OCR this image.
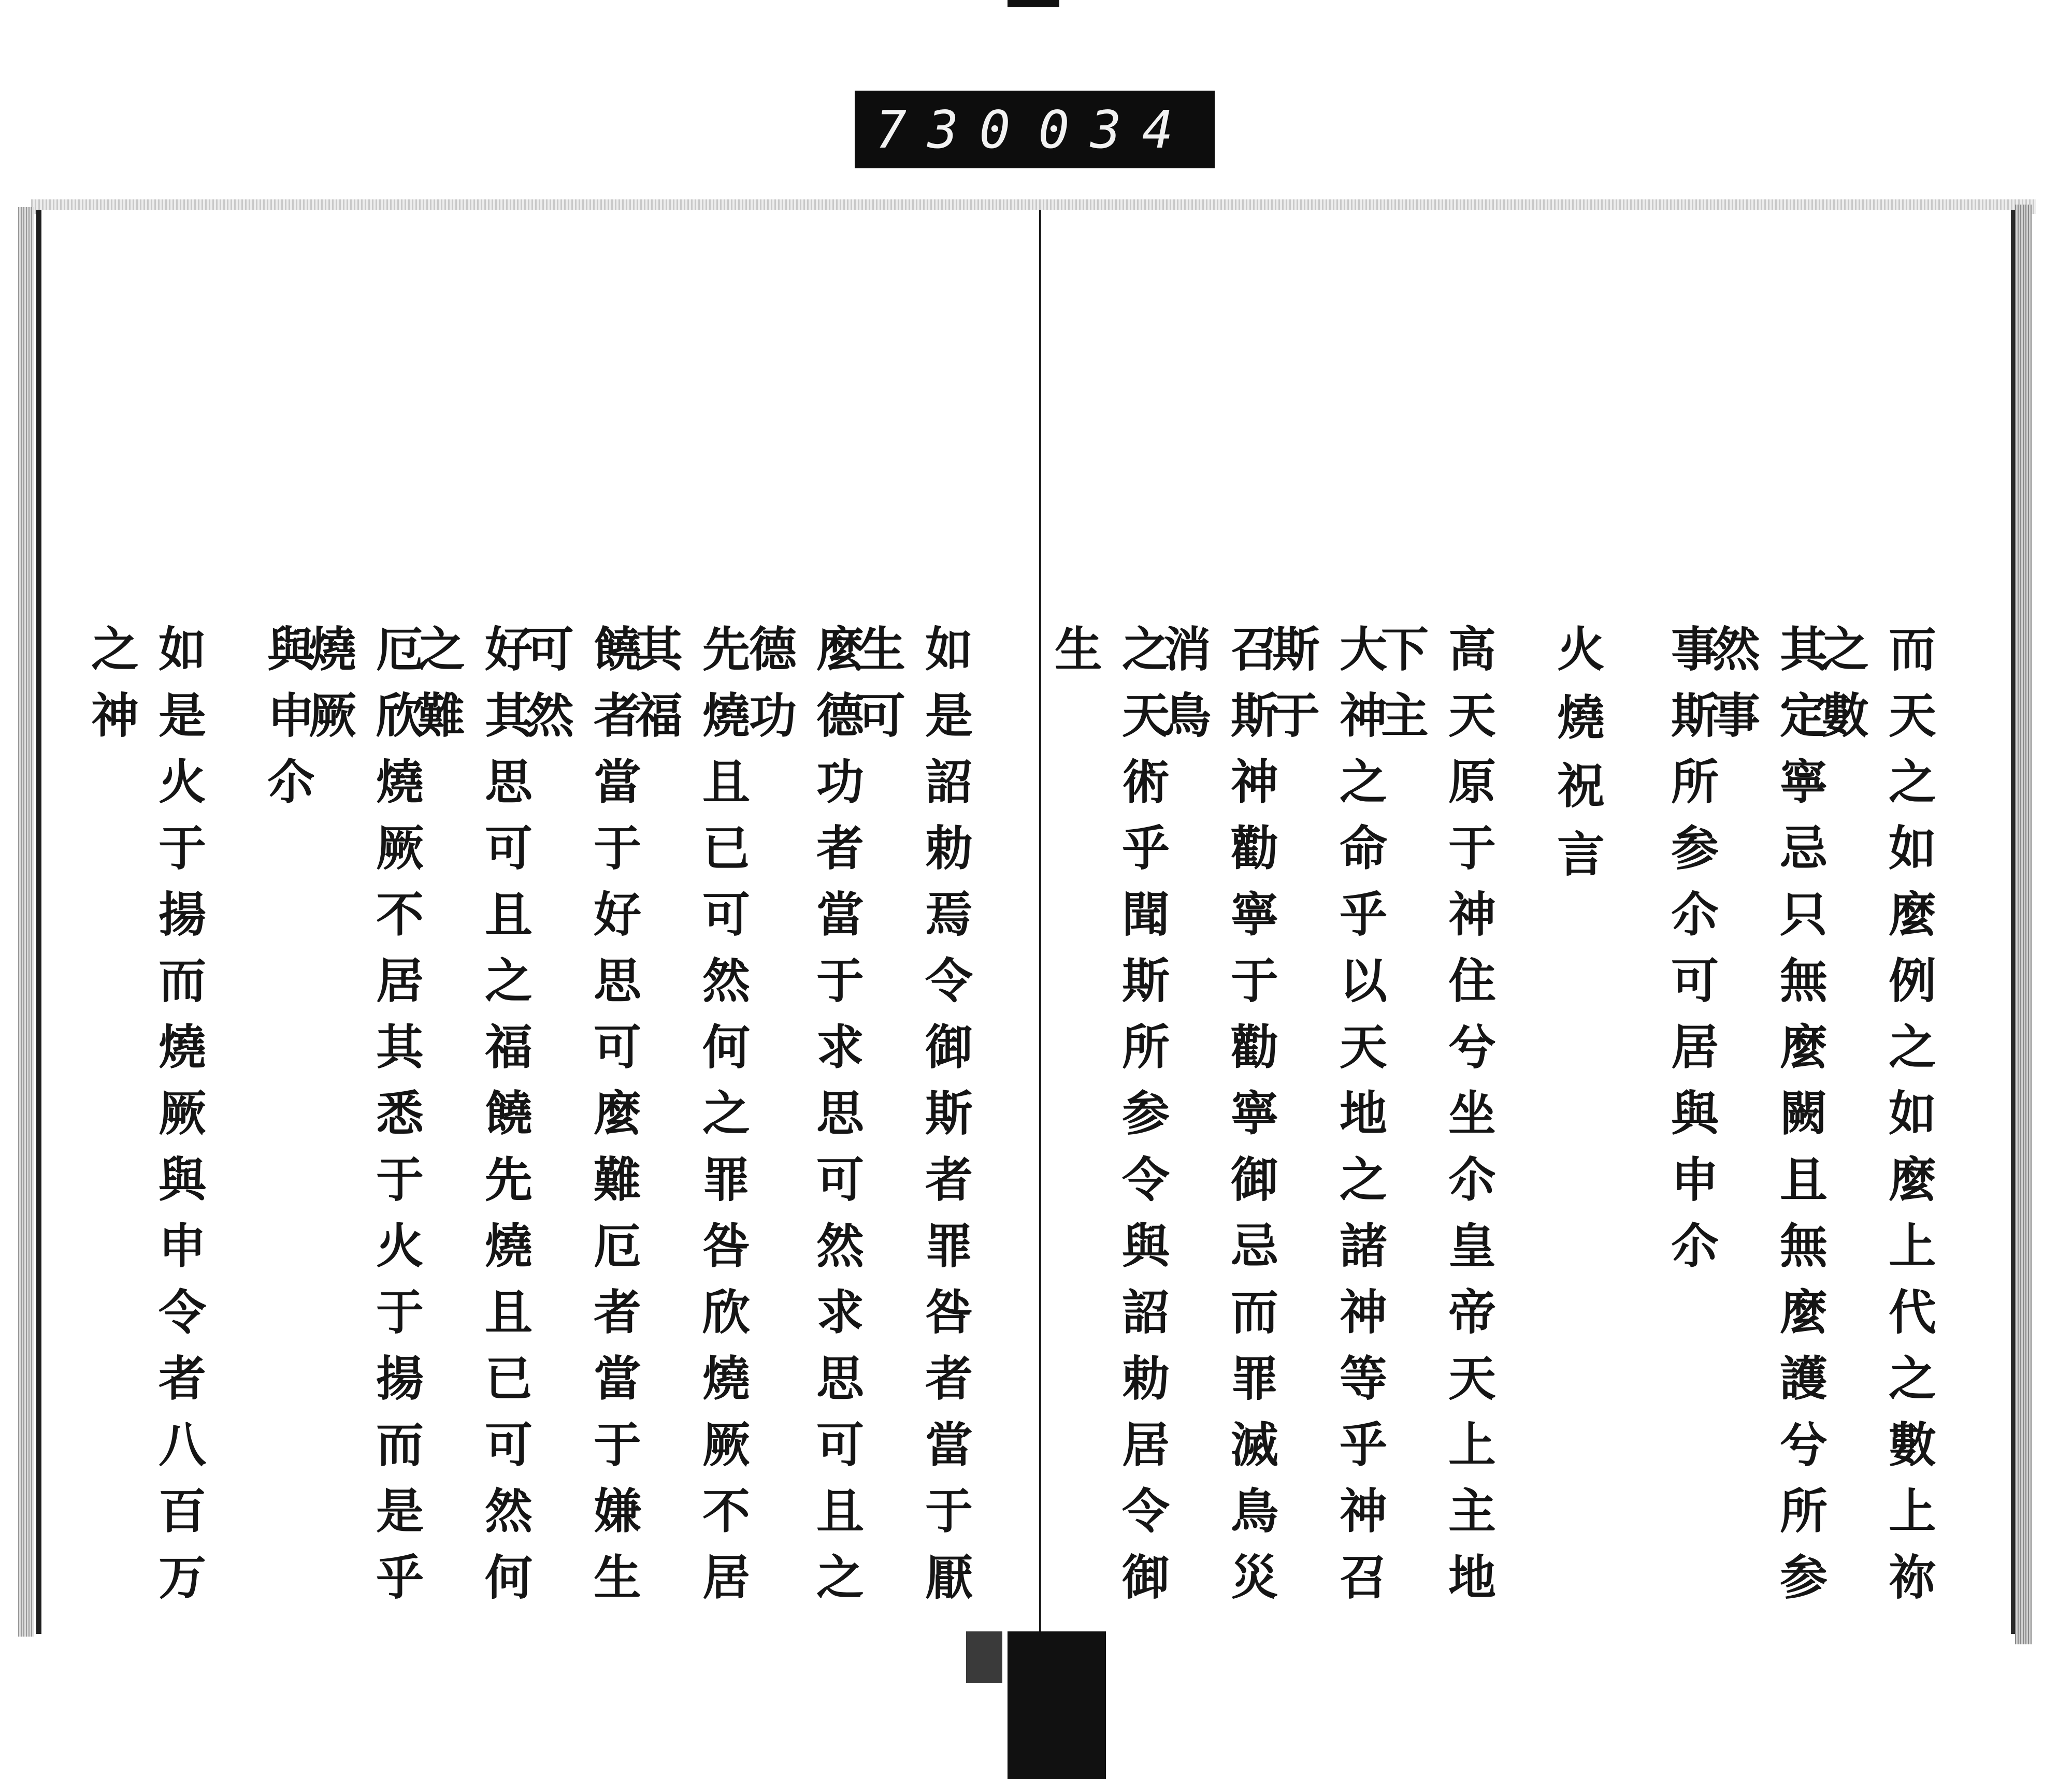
730 034
如是詔勅焉令御斯者罪咎者當于厭生可
麼德功者當于求思可然求思可且之德功
先燒且已可然何之罪咎欣燒厥不居其福
饒者當于好思可麼難厄者當于嫌生可然
好其思可且之福饒先燒且已可然何之難
厄欣燒厥不居其悉于火于揚而是乎燒厥
與申尒
如是火于揚而燒厥與申令者八百万之神	而天之如麼例之如麼上代之數上祢之數
其定寧忌只無麼闕且無麼護兮所参然事
事斯所参尒可居與申尒
火燒祝言
高天原于神住兮坐尒皇帝天上主地下主
大神之命乎以天地之諸神等乎神召斯于
召斯神勸寧于勸寧御忌而罪滅鳥災消鳥
之天術乎聞斯所参令與詔勅居令御生
